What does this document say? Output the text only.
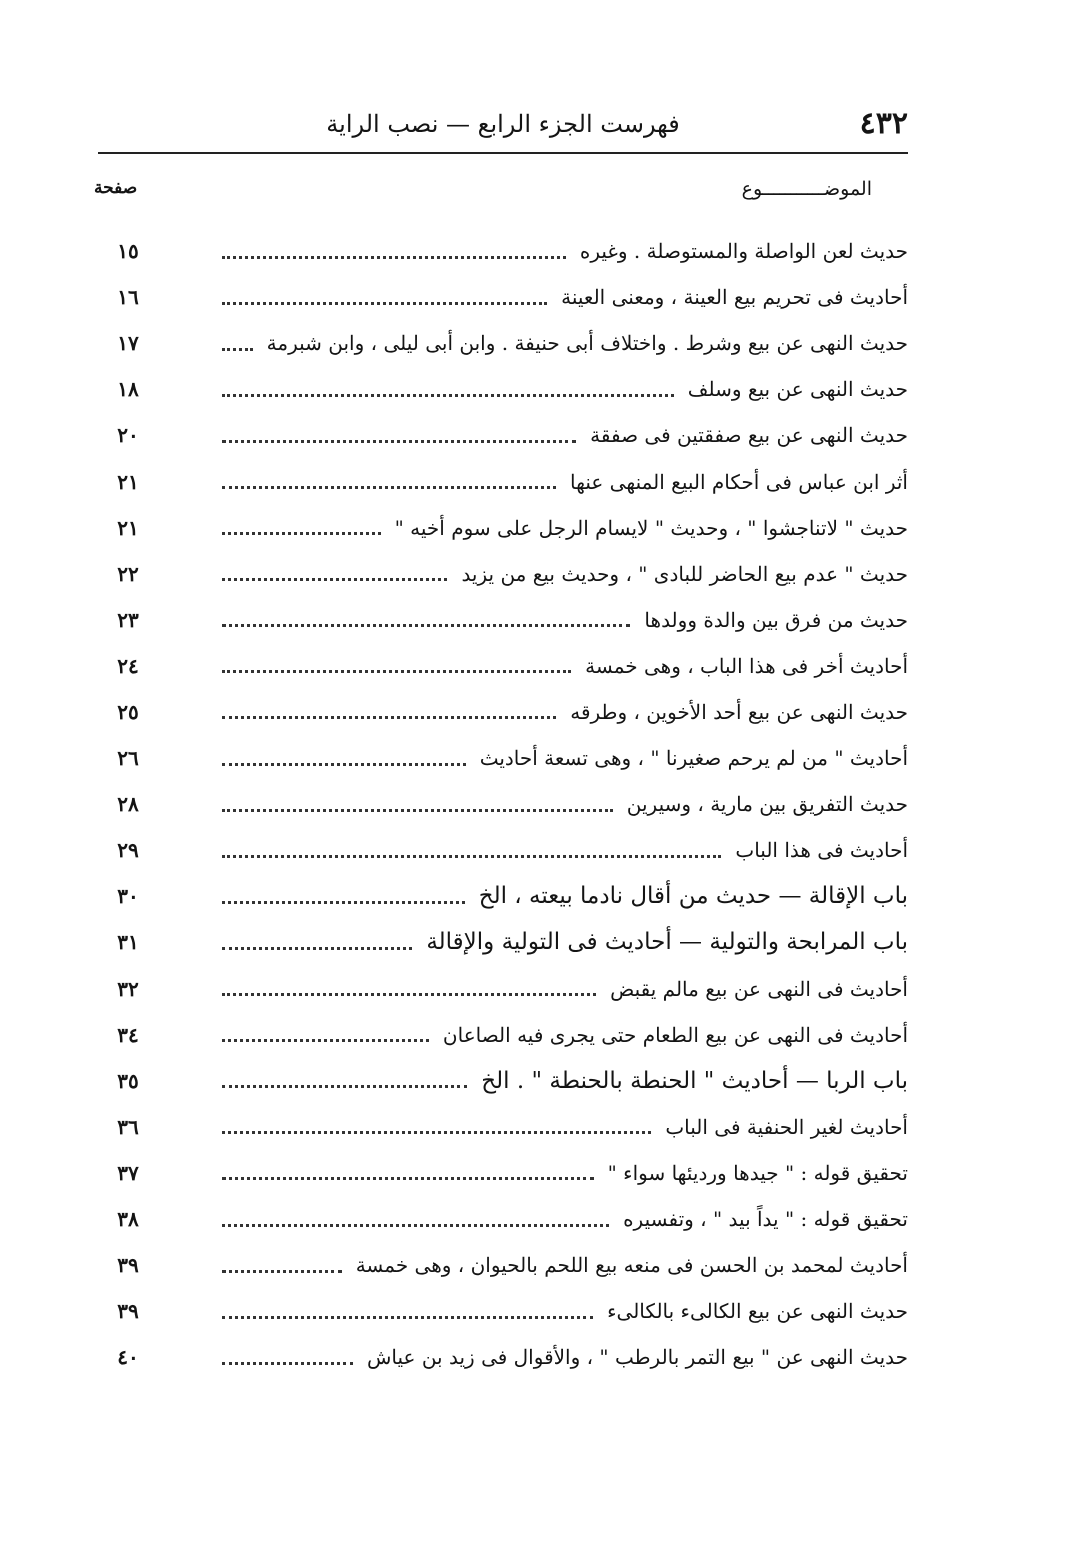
٤٣٢
فهرست الجزء الرابع — نصب الراية
الموضـــــــــــوع
صفحة
حديث لعن الواصلة والمستوصلة . وغيره
١٥
أحاديث فى تحريم بيع العينة ، ومعنى العينة
١٦
حديث النهى عن بيع وشرط . واختلاف أبى حنيفة . وابن أبى ليلى ، وابن شبرمة
١٧
حديث النهى عن بيع وسلف
١٨
حديث النهى عن بيع صفقتين فى صفقة
٢٠
أثر ابن عباس فى أحكام البيع المنهى عنها
٢١
حديث " لاتناجشوا " ، وحديث " لايسام الرجل على سوم أخيه "
٢١
حديث " عدم بيع الحاضر للبادى " ، وحديث بيع من يزيد
٢٢
حديث من فرق بين والدة وولدها
٢٣
أحاديث أخر فى هذا الباب ، وهى خمسة
٢٤
حديث النهى عن بيع أحد الأخوين ، وطرقه
٢٥
أحاديث " من لم يرحم صغيرنا " ، وهى تسعة أحاديث
٢٦
حديث التفريق بين مارية ، وسيرين
٢٨
أحاديث فى هذا الباب
٢٩
باب الإقالة — حديث من أقال نادما بيعته ، الخ
٣٠
باب المرابحة والتولية — أحاديث فى التولية والإقالة
٣١
أحاديث فى النهى عن بيع مالم يقبض
٣٢
أحاديث فى النهى عن بيع الطعام حتى يجرى فيه الصاعان
٣٤
باب الربا — أحاديث " الحنطة بالحنطة " . الخ
٣٥
أحاديث لغير الحنفية فى الباب
٣٦
تحقيق قوله : " جيدها ورديئها سواء "
٣٧
تحقيق قوله : " يداً بيد " ، وتفسيره
٣٨
أحاديث لمحمد بن الحسن فى منعه بيع اللحم بالحيوان ، وهى خمسة
٣٩
حديث النهى عن بيع الكالىء بالكالىء
٣٩
حديث النهى عن " بيع التمر بالرطب " ، والأقوال فى زيد بن عياش
٤٠
